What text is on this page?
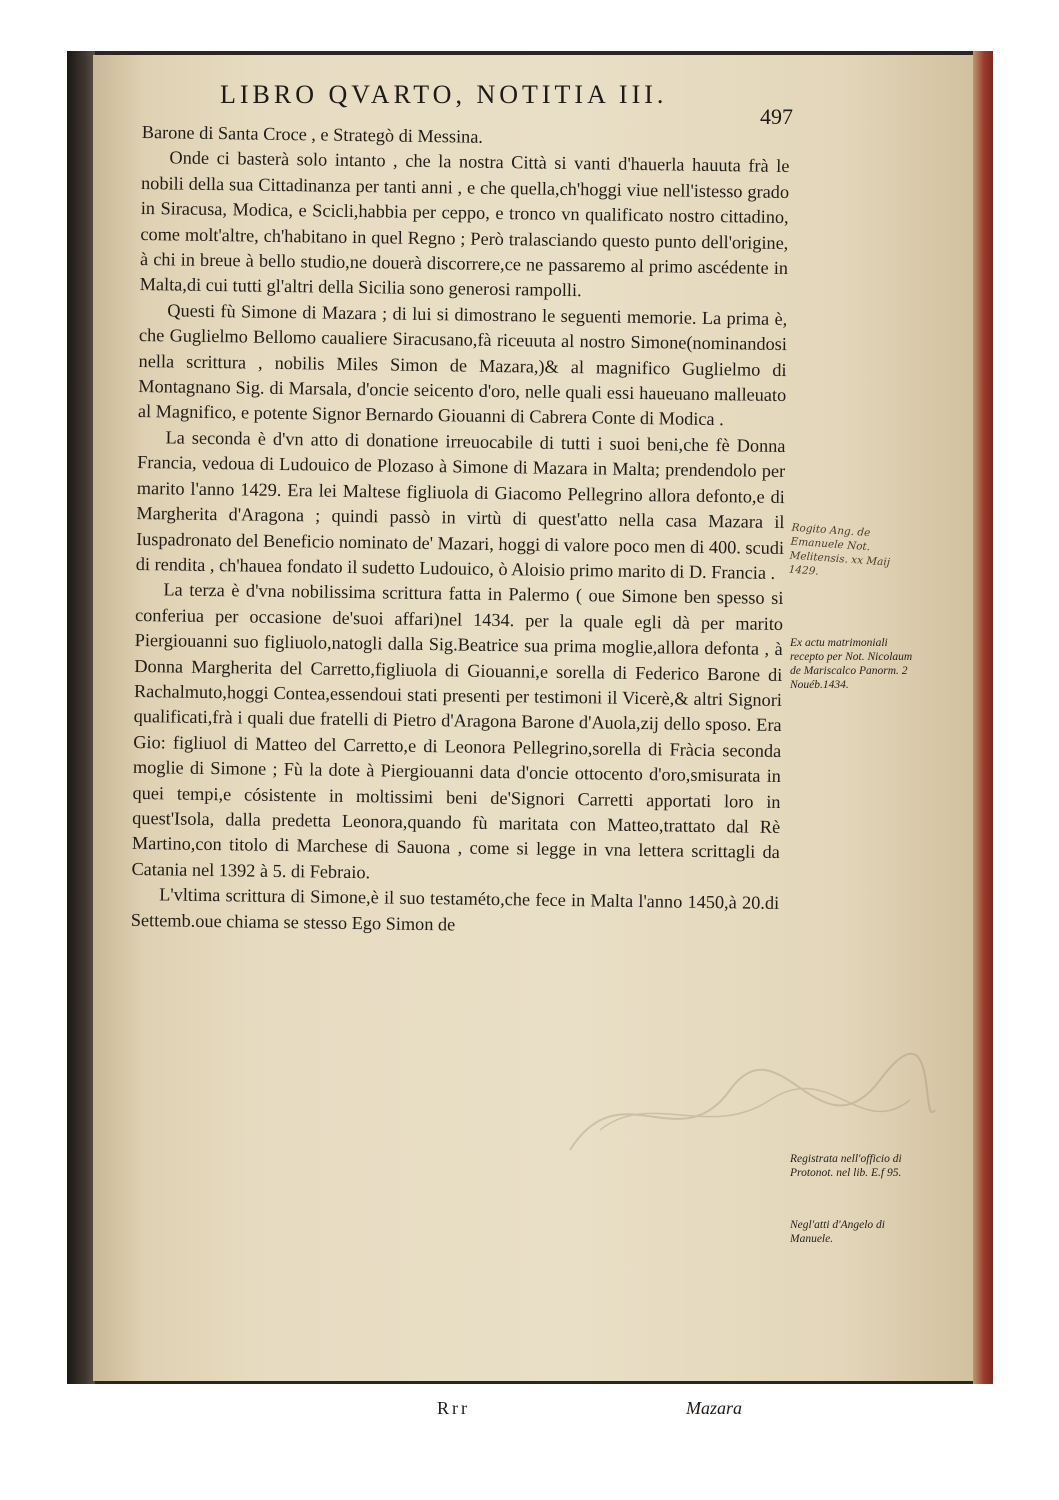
LIBRO QVARTO, NOTITIA III.
497

Barone di Santa Croce , e Strategò di Messina.

Onde ci basterà solo intanto , che la nostra Città si vanti d'hauerla hauuta frà le nobili della sua Cittadinanza per tanti anni , e che quella,ch'hoggi viue nell'istesso grado in Siracusa, Modica, e Scicli,habbia per ceppo, e tronco vn qualificato nostro cittadino, come molt'altre, ch'habitano in quel Regno ; Però tralasciando questo punto dell'origine, à chi in breue à bello studio,ne douerà discorrere,ce ne passaremo al primo ascédente in Malta,di cui tutti gl'altri della Sicilia sono generosi rampolli.

Questi fù Simone di Mazara ; di lui si dimostrano le seguenti memorie. La prima è, che Guglielmo Bellomo caualiere Siracusano,fà riceuuta al nostro Simone(nominandosi nella scrittura , nobilis Miles Simon de Mazara,)& al magnifico Guglielmo di Montagnano Sig. di Marsala, d'oncie seicento d'oro, nelle quali essi haueuano malleuato al Magnifico, e potente Signor Bernardo Giouanni di Cabrera Conte di Modica .

La seconda è d'vn atto di donatione irreuocabile di tutti i suoi beni,che fè Donna Francia, vedoua di Ludouico de Plozaso à Simone di Mazara in Malta; prendendolo per marito l'anno 1429. Era lei Maltese figliuola di Giacomo Pellegrino allora defonto,e di Margherita d'Aragona ; quindi passò in virtù di quest'atto nella casa Mazara il Iuspadronato del Beneficio nominato de' Mazari, hoggi di valore poco men di 400. scudi di rendita , ch'hauea fondato il sudetto Ludouico, ò Aloisio primo marito di D. Francia .

La terza è d'vna nobilissima scrittura fatta in Palermo ( oue Simone ben spesso si conferiua per occasione de'suoi affari)nel 1434. per la quale egli dà per marito Piergiouanni suo figliuolo,natogli dalla Sig.Beatrice sua prima moglie,allora defonta , à Donna Margherita del Carretto,figliuola di Giouanni,e sorella di Federico Barone di Rachalmuto,hoggi Contea,essendoui stati presenti per testimoni il Vicerè,& altri Signori qualificati,frà i quali due fratelli di Pietro d'Aragona Barone d'Auola,zij dello sposo. Era Gio: figliuol di Matteo del Carretto,e di Leonora Pellegrino,sorella di Fràcia seconda moglie di Simone ; Fù la dote à Piergiouanni data d'oncie ottocento d'oro,smisurata in quei tempi,e cósistente in moltissimi beni de'Signori Carretti apportati loro in quest'Isola, dalla predetta Leonora,quando fù maritata con Matteo,trattato dal Rè Martino,con titolo di Marchese di Sauona , come si legge in vna lettera scrittagli da Catania nel 1392 à 5. di Febraio.

L'vltima scrittura di Simone,è il suo testaméto,che fece in Malta l'anno 1450,à 20.di Settemb.oue chiama se stesso Ego Simon de

Rogito Ang. de Emanuele Not. Melitensis. xx Maij 1429.
Ex actu matrimoniali recepto per Not. Nicolaum de Mariscalco Panorm. 2 Nouéb.1434.
Registrata nell'officio di Protonot. nel lib. E.f 95.
Negl'atti d'Angelo di Manuele.
Rrr	Mazara
